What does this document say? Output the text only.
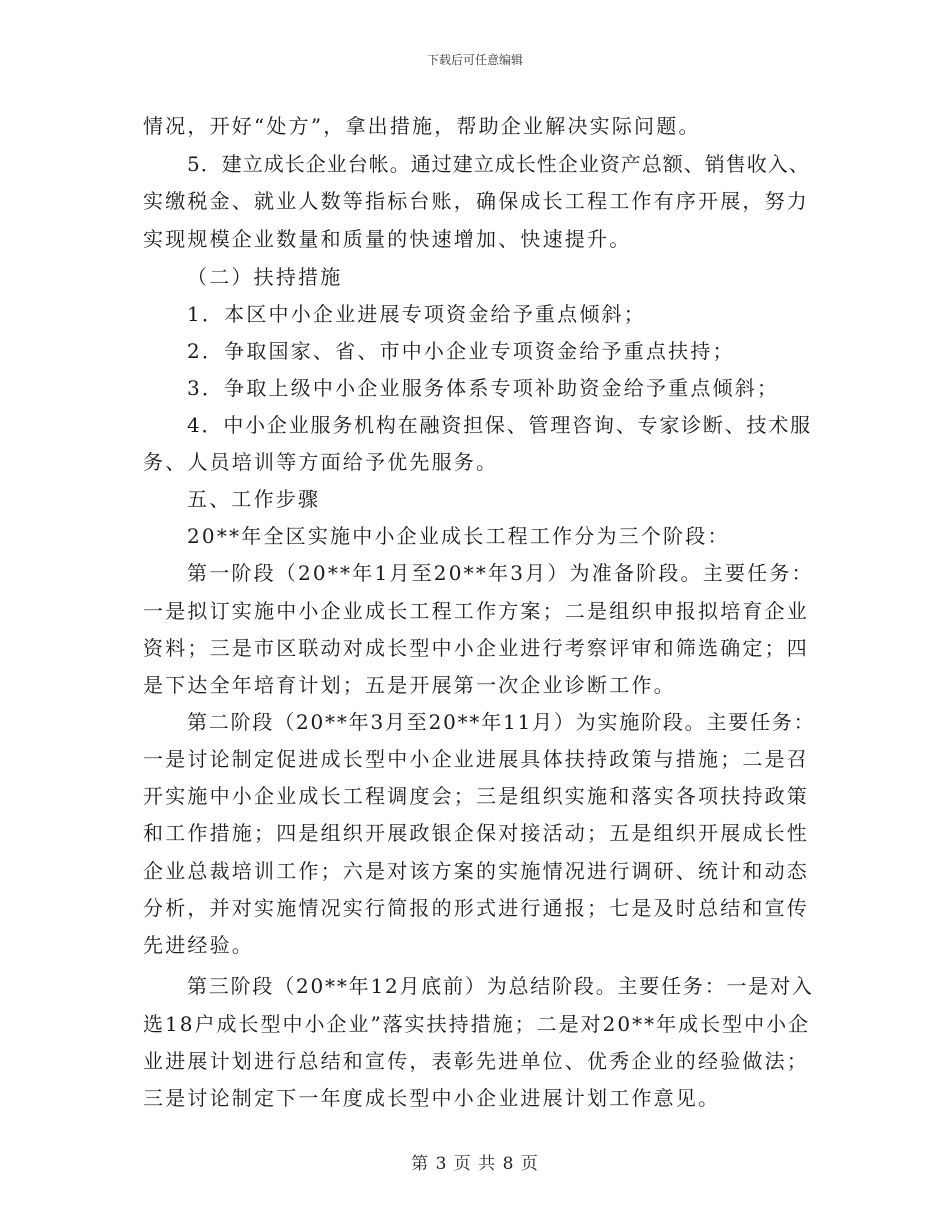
下载后可任意编辑
情况，开好“处方”，拿出措施，帮助企业解决实际问题。
5．建立成长企业台帐。通过建立成长性企业资产总额、销售收入、
实缴税金、就业人数等指标台账，确保成长工程工作有序开展，努力
实现规模企业数量和质量的快速增加、快速提升。
（二）扶持措施
1．本区中小企业进展专项资金给予重点倾斜；
2．争取国家、省、市中小企业专项资金给予重点扶持；
3．争取上级中小企业服务体系专项补助资金给予重点倾斜；
4．中小企业服务机构在融资担保、管理咨询、专家诊断、技术服
务、人员培训等方面给予优先服务。
五、工作步骤
20**年全区实施中小企业成长工程工作分为三个阶段：
第一阶段（20**年1月至20**年3月）为准备阶段。主要任务：
一是拟订实施中小企业成长工程工作方案；二是组织申报拟培育企业
资料；三是市区联动对成长型中小企业进行考察评审和筛选确定；四
是下达全年培育计划；五是开展第一次企业诊断工作。
第二阶段（20**年3月至20**年11月）为实施阶段。主要任务：
一是讨论制定促进成长型中小企业进展具体扶持政策与措施；二是召
开实施中小企业成长工程调度会；三是组织实施和落实各项扶持政策
和工作措施；四是组织开展政银企保对接活动；五是组织开展成长性
企业总裁培训工作；六是对该方案的实施情况进行调研、统计和动态
分析，并对实施情况实行简报的形式进行通报；七是及时总结和宣传
先进经验。
第三阶段（20**年12月底前）为总结阶段。主要任务：一是对入
选18户成长型中小企业”落实扶持措施；二是对20**年成长型中小企
业进展计划进行总结和宣传，表彰先进单位、优秀企业的经验做法；
三是讨论制定下一年度成长型中小企业进展计划工作意见。
第 3 页 共 8 页
